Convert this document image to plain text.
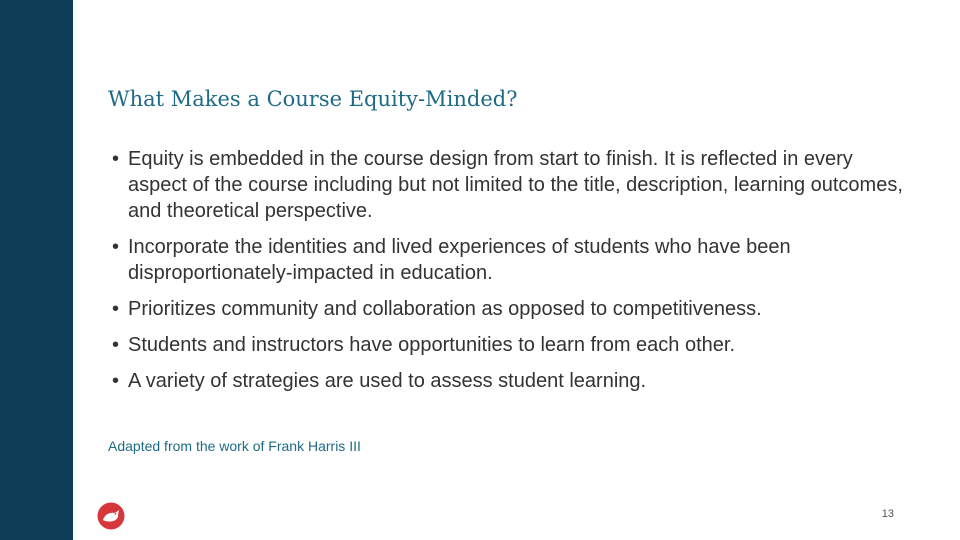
What Makes a Course Equity-Minded?
• Equity is embedded in the course design from start to finish. It is reflected in every aspect of the course including but not limited to the title, description, learning outcomes, and theoretical perspective.
• Incorporate the identities and lived experiences of students who have been disproportionately-impacted in education.
• Prioritizes community and collaboration as opposed to competitiveness.
• Students and instructors have opportunities to learn from each other.
• A variety of strategies are used to assess student learning.

Adapted from the work of Frank Harris III

13
